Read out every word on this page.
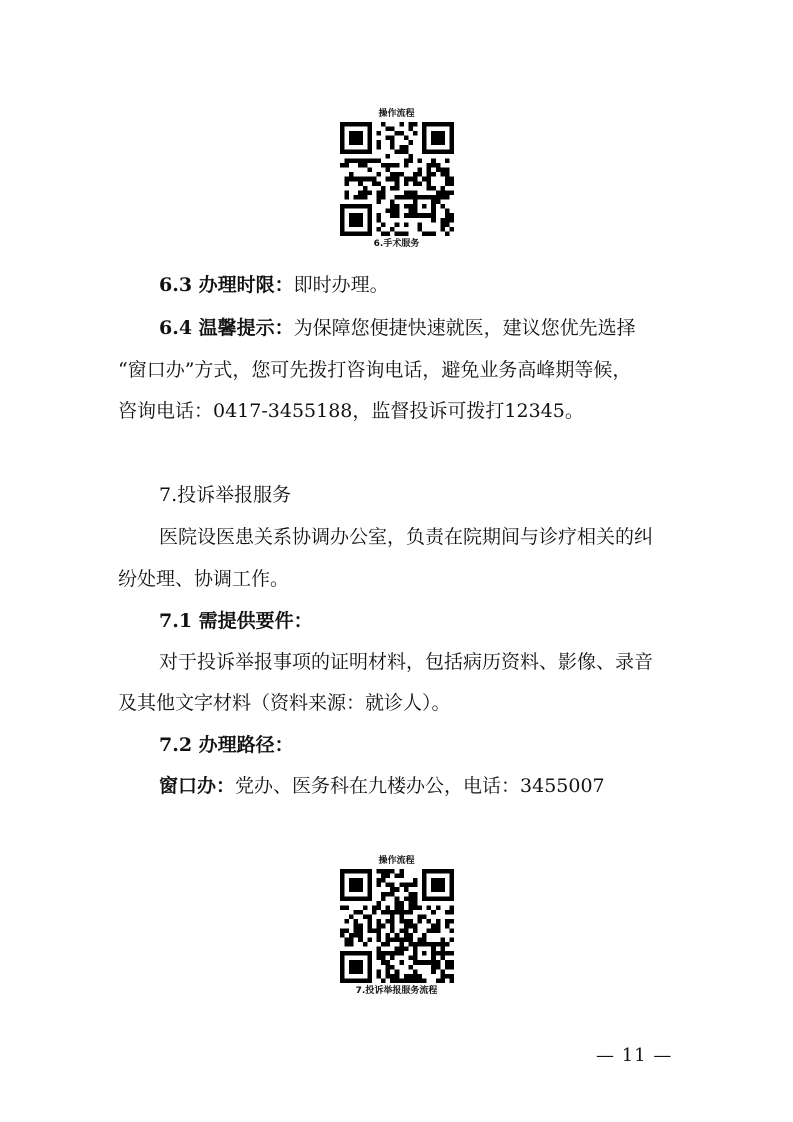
操作流程
6.手术服务
6.3 办理时限：即时办理。
6.4 温馨提示：为保障您便捷快速就医，建议您优先选择
“窗口办”方式，您可先拨打咨询电话，避免业务高峰期等候，
咨询电话：0417-3455188，监督投诉可拨打12345。
7.投诉举报服务
医院设医患关系协调办公室，负责在院期间与诊疗相关的纠
纷处理、协调工作。
7.1 需提供要件：
对于投诉举报事项的证明材料，包括病历资料、影像、录音
及其他文字材料（资料来源：就诊人）。
7.2 办理路径：
窗口办：党办、医务科在九楼办公，电话：3455007
操作流程
7.投诉举报服务流程
— 11 —
